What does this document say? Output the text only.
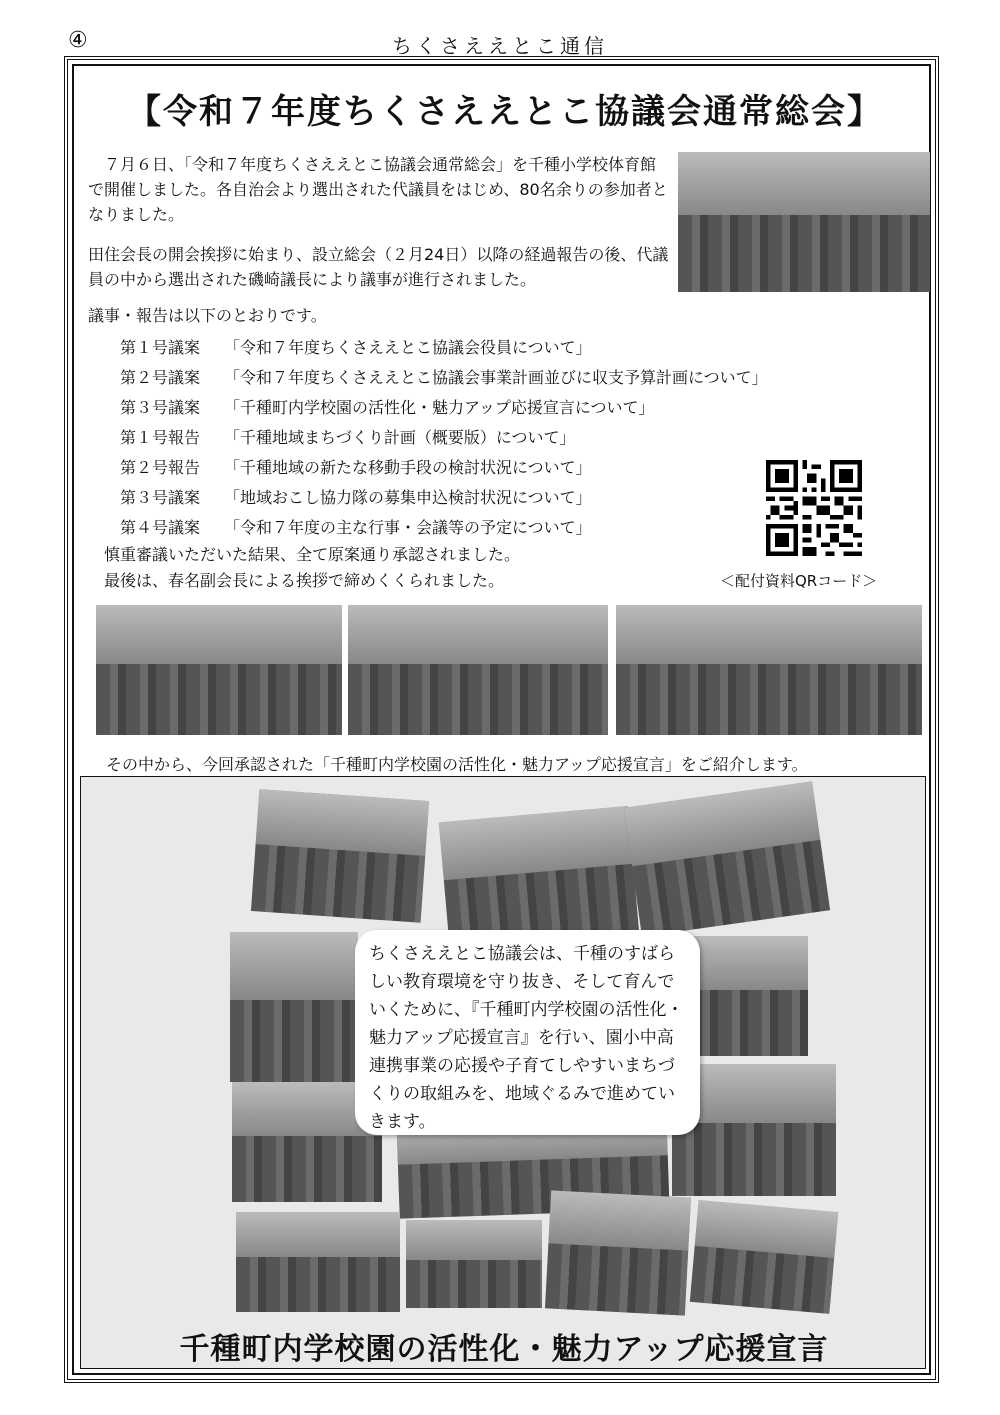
④	ちくさええとこ通信
【令和７年度ちくさええとこ協議会通常総会】
７月６日、「令和７年度ちくさええとこ協議会通常総会」を千種小学校体育館で開催しました。各自治会より選出された代議員をはじめ、80名余りの参加者となりました。
田住会長の開会挨拶に始まり、設立総会（２月24日）以降の経過報告の後、代議員の中から選出された磯崎議長により議事が進行されました。
議事・報告は以下のとおりです。
第１号議案 「令和７年度ちくさええとこ協議会役員について」
第２号議案 「令和７年度ちくさええとこ協議会事業計画並びに収支予算計画について」
第３号議案 「千種町内学校園の活性化・魅力アップ応援宣言について」
第１号報告 「千種地域まちづくり計画（概要版）について」
第２号報告 「千種地域の新たな移動手段の検討状況について」
第３号議案 「地域おこし協力隊の募集申込検討状況について」
第４号議案 「令和７年度の主な行事・会議等の予定について」
慎重審議いただいた結果、全て原案通り承認されました。
最後は、春名副会長による挨拶で締めくくられました。	＜配付資料QRコード＞
その中から、今回承認された「千種町内学校園の活性化・魅力アップ応援宣言」をご紹介します。
ちくさええとこ協議会は、千種のすばらしい教育環境を守り抜き、そして育んでいくために、『千種町内学校園の活性化・魅力アップ応援宣言』を行い、園小中高連携事業の応援や子育てしやすいまちづくりの取組みを、地域ぐるみで進めていきます。
千種町内学校園の活性化・魅力アップ応援宣言
